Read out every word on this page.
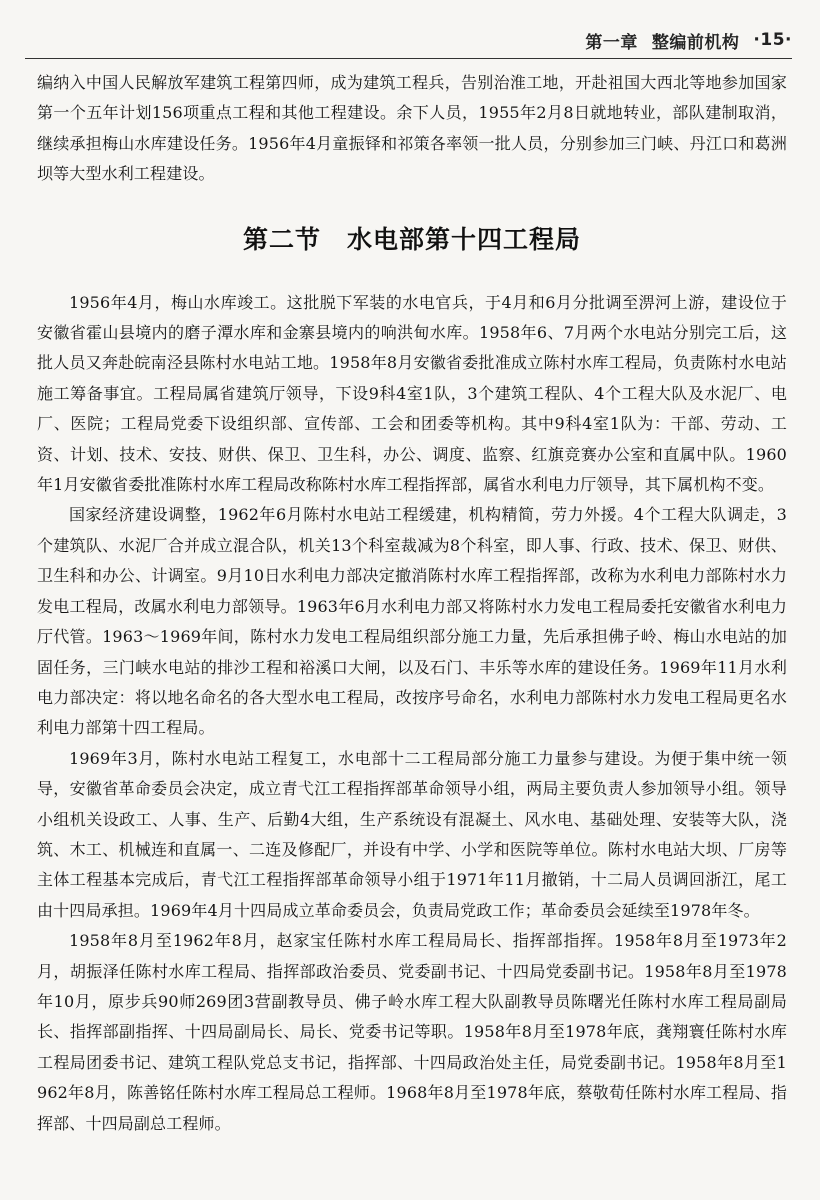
第一章 整编前机构 ·15·

编纳入中国人民解放军建筑工程第四师，成为建筑工程兵，告别治淮工地，开赴祖国大西北等地参加国家第一个五年计划156项重点工程和其他工程建设。余下人员，1955年2月8日就地转业，部队建制取消，继续承担梅山水库建设任务。1956年4月童振铎和祁策各率领一批人员，分别参加三门峡、丹江口和葛洲坝等大型水利工程建设。

第二节 水电部第十四工程局

1956年4月，梅山水库竣工。这批脱下军装的水电官兵，于4月和6月分批调至淠河上游，建设位于安徽省霍山县境内的磨子潭水库和金寨县境内的响洪甸水库。1958年6、7月两个水电站分别完工后，这批人员又奔赴皖南泾县陈村水电站工地。1958年8月安徽省委批准成立陈村水库工程局，负责陈村水电站施工筹备事宜。工程局属省建筑厅领导，下设9科4室1队，3个建筑工程队、4个工程大队及水泥厂、电厂、医院；工程局党委下设组织部、宣传部、工会和团委等机构。其中9科4室1队为：干部、劳动、工资、计划、技术、安技、财供、保卫、卫生科，办公、调度、监察、红旗竞赛办公室和直属中队。1960年1月安徽省委批准陈村水库工程局改称陈村水库工程指挥部，属省水利电力厅领导，其下属机构不变。

国家经济建设调整，1962年6月陈村水电站工程缓建，机构精简，劳力外援。4个工程大队调走，3个建筑队、水泥厂合并成立混合队，机关13个科室裁减为8个科室，即人事、行政、技术、保卫、财供、卫生科和办公、计调室。9月10日水利电力部决定撤消陈村水库工程指挥部，改称为水利电力部陈村水力发电工程局，改属水利电力部领导。1963年6月水利电力部又将陈村水力发电工程局委托安徽省水利电力厅代管。1963～1969年间，陈村水力发电工程局组织部分施工力量，先后承担佛子岭、梅山水电站的加固任务，三门峡水电站的排沙工程和裕溪口大闸，以及石门、丰乐等水库的建设任务。1969年11月水利电力部决定：将以地名命名的各大型水电工程局，改按序号命名，水利电力部陈村水力发电工程局更名水利电力部第十四工程局。

1969年3月，陈村水电站工程复工，水电部十二工程局部分施工力量参与建设。为便于集中统一领导，安徽省革命委员会决定，成立青弋江工程指挥部革命领导小组，两局主要负责人参加领导小组。领导小组机关设政工、人事、生产、后勤4大组，生产系统设有混凝土、风水电、基础处理、安装等大队，浇筑、木工、机械连和直属一、二连及修配厂，并设有中学、小学和医院等单位。陈村水电站大坝、厂房等主体工程基本完成后，青弋江工程指挥部革命领导小组于1971年11月撤销，十二局人员调回浙江，尾工由十四局承担。1969年4月十四局成立革命委员会，负责局党政工作；革命委员会延续至1978年冬。

1958年8月至1962年8月，赵家宝任陈村水库工程局局长、指挥部指挥。1958年8月至1973年2月，胡振泽任陈村水库工程局、指挥部政治委员、党委副书记、十四局党委副书记。1958年8月至1978年10月，原步兵90师269团3营副教导员、佛子岭水库工程大队副教导员陈曙光任陈村水库工程局副局长、指挥部副指挥、十四局副局长、局长、党委书记等职。1958年8月至1978年底，龚翔寰任陈村水库工程局团委书记、建筑工程队党总支书记，指挥部、十四局政治处主任，局党委副书记。1958年8月至1962年8月，陈善铭任陈村水库工程局总工程师。1968年8月至1978年底，蔡敬荀任陈村水库工程局、指挥部、十四局副总工程师。
